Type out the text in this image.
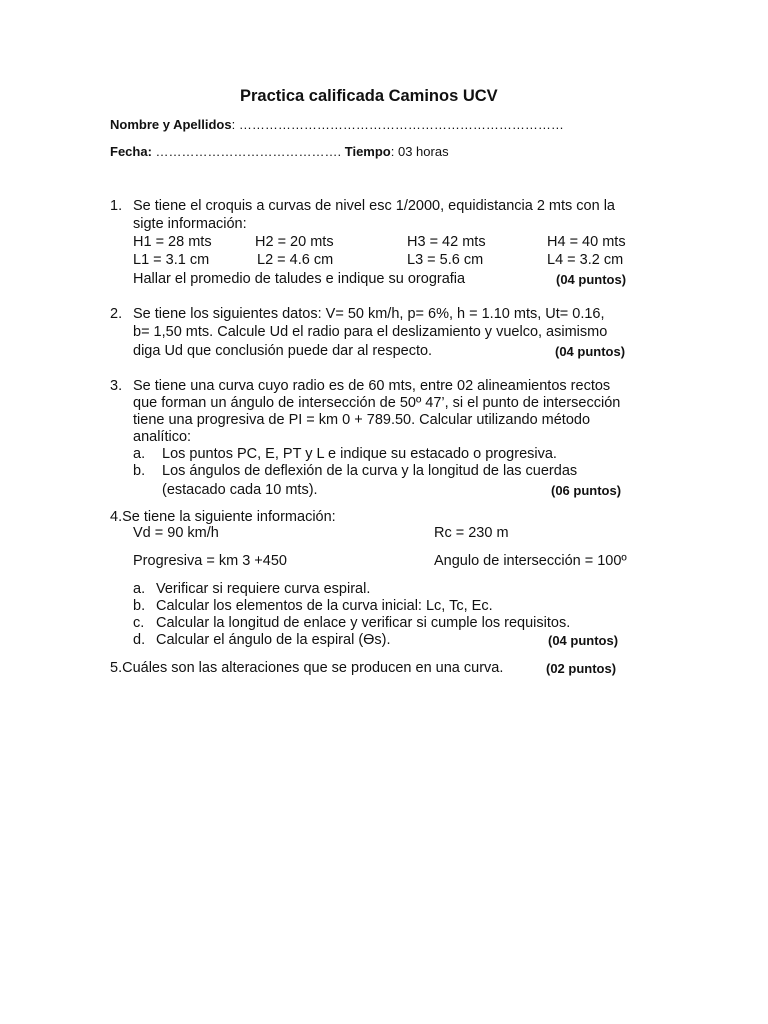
Practica calificada Caminos UCV
Nombre y Apellidos: …………………………………………………………………
Fecha: ……………………………………. Tiempo: 03 horas
1. Se tiene el croquis a curvas de nivel esc 1/2000, equidistancia 2 mts con la
sigte información:
H1 = 28 mts	H2 = 20 mts	H3 = 42 mts	H4 = 40 mts
L1 = 3.1 cm	L2 = 4.6 cm	L3 = 5.6 cm	L4 = 3.2 cm
Hallar el promedio de taludes e indique su orografia	(04 puntos)
2. Se tiene los siguientes datos: V= 50 km/h, p= 6%, h = 1.10 mts, Ut= 0.16,
b= 1,50 mts. Calcule Ud el radio para el deslizamiento y vuelco, asimismo
diga Ud que conclusión puede dar al respecto.	(04 puntos)
3. Se tiene una curva cuyo radio es de 60 mts, entre 02 alineamientos rectos
que forman un ángulo de intersección de 50º 47’, si el punto de intersección
tiene una progresiva de PI = km 0 + 789.50. Calcular utilizando método
analítico:
a. Los puntos PC, E, PT y L e indique su estacado o progresiva.
b. Los ángulos de deflexión de la curva y la longitud de las cuerdas
(estacado cada 10 mts).	(06 puntos)
4.Se tiene la siguiente información:
Vd = 90 km/h	Rc = 230 m
Progresiva = km 3 +450	Angulo de intersección = 100º
a. Verificar si requiere curva espiral.
b. Calcular los elementos de la curva inicial: Lc, Tc, Ec.
c. Calcular la longitud de enlace y verificar si cumple los requisitos.
d. Calcular el ángulo de la espiral (Ɵs).	(04 puntos)
5.Cuáles son las alteraciones que se producen en una curva.	(02 puntos)
